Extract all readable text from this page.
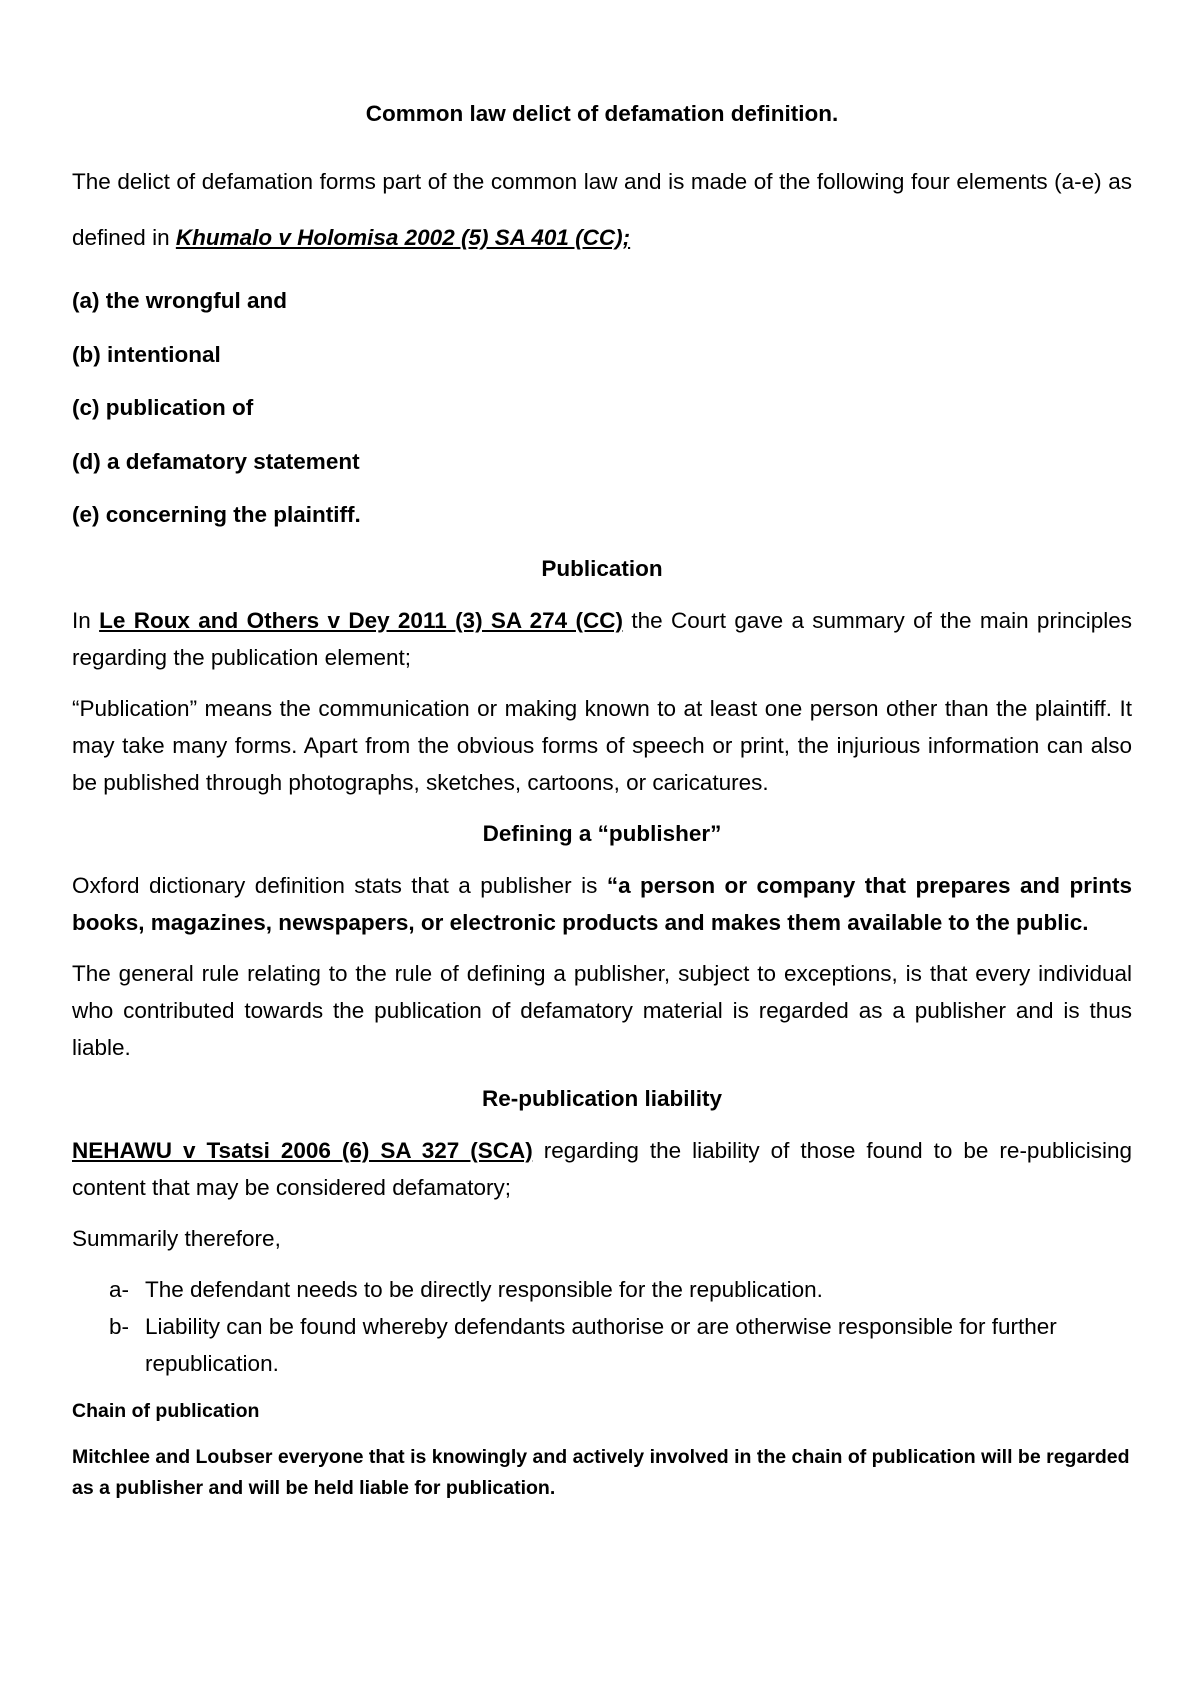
Common law delict of defamation definition.

The delict of defamation forms part of the common law and is made of the following four elements (a-e) as defined in Khumalo v Holomisa 2002 (5) SA 401 (CC);

(a) the wrongful and
(b) intentional
(c) publication of
(d) a defamatory statement
(e) concerning the plaintiff.
Publication

In Le Roux and Others v Dey 2011 (3) SA 274 (CC) the Court gave a summary of the main principles regarding the publication element;

“Publication” means the communication or making known to at least one person other than the plaintiff. It may take many forms. Apart from the obvious forms of speech or print, the injurious information can also be published through photographs, sketches, cartoons, or caricatures.

Defining a “publisher”

Oxford dictionary definition stats that a publisher is “a person or company that prepares and prints books, magazines, newspapers, or electronic products and makes them available to the public.

The general rule relating to the rule of defining a publisher, subject to exceptions, is that every individual who contributed towards the publication of defamatory material is regarded as a publisher and is thus liable.

Re-publication liability

NEHAWU v Tsatsi 2006 (6) SA 327 (SCA) regarding the liability of those found to be re-publicising content that may be considered defamatory;

Summarily therefore,

a- The defendant needs to be directly responsible for the republication.
b- Liability can be found whereby defendants authorise or are otherwise responsible for further republication.
Chain of publication

Mitchlee and Loubser everyone that is knowingly and actively involved in the chain of publication will be regarded as a publisher and will be held liable for publication.
